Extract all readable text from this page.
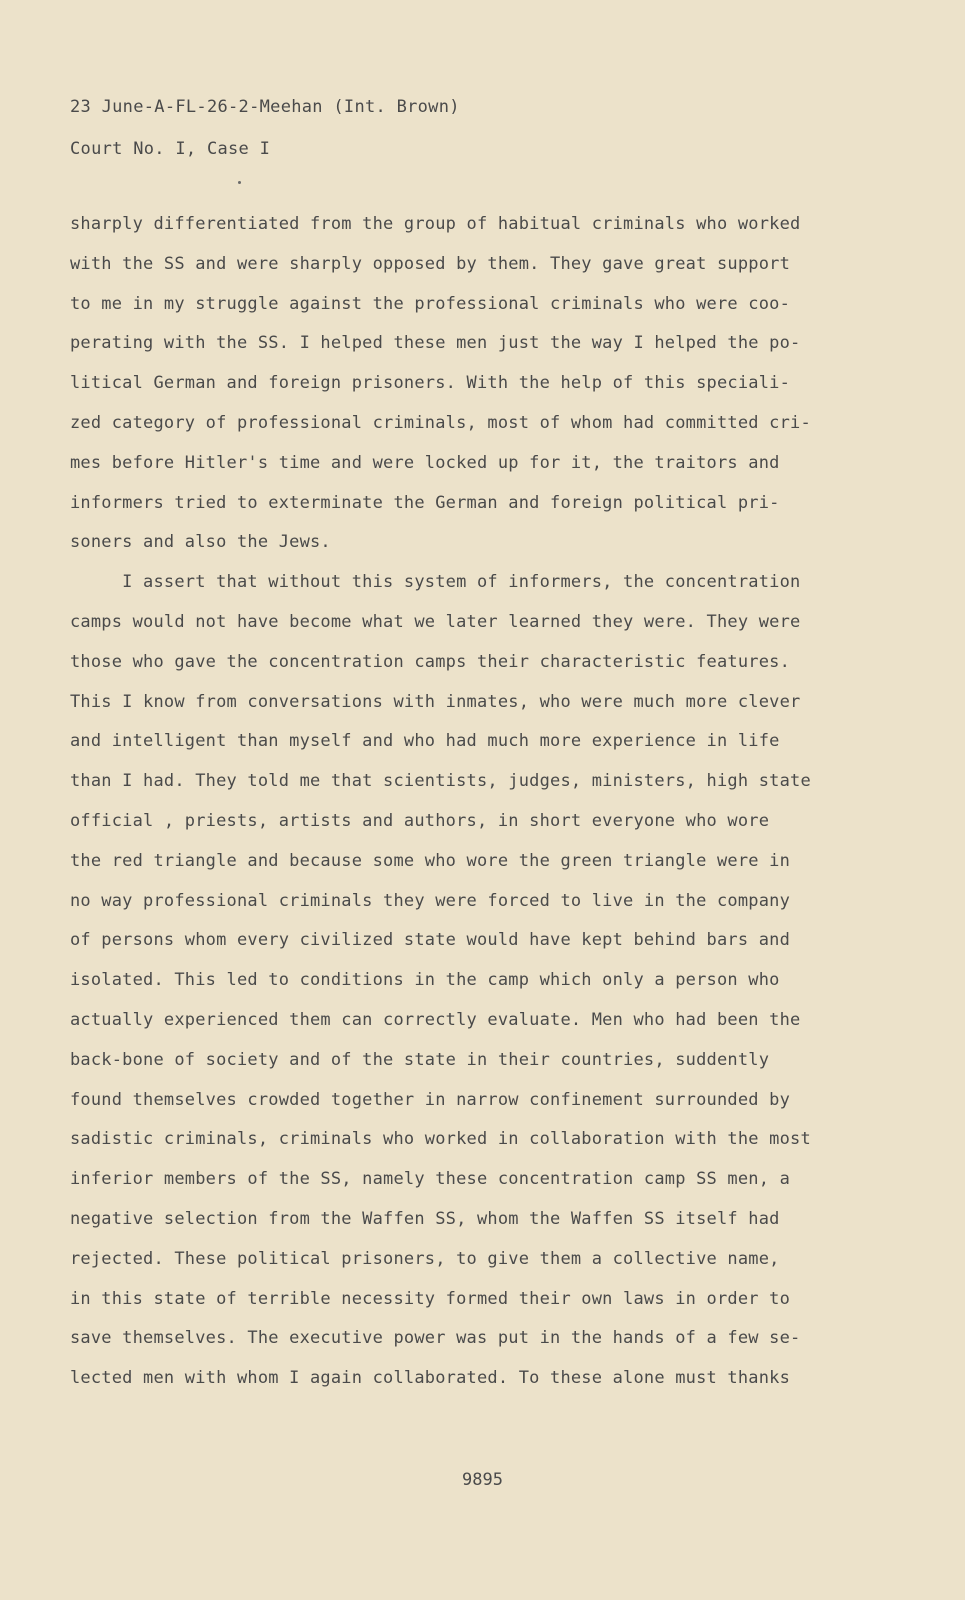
23 June-A-FL-26-2-Meehan (Int. Brown)
Court No. I, Case I
sharply differentiated from the group of habitual criminals who worked
with the SS and were sharply opposed by them. They gave great support
to me in my struggle against the professional criminals who were coo-
perating with the SS. I helped these men just the way I helped the po-
litical German and foreign prisoners. With the help of this speciali-
zed category of professional criminals, most of whom had committed cri-
mes before Hitler's time and were locked up for it, the traitors and
informers tried to exterminate the German and foreign political pri-
soners and also the Jews.
I assert that without this system of informers, the concentration
camps would not have become what we later learned they were. They were
those who gave the concentration camps their characteristic features.
This I know from conversations with inmates, who were much more clever
and intelligent than myself and who had much more experience in life
than I had. They told me that scientists, judges, ministers, high state
official , priests, artists and authors, in short everyone who wore
the red triangle and because some who wore the green triangle were in
no way professional criminals they were forced to live in the company
of persons whom every civilized state would have kept behind bars and
isolated. This led to conditions in the camp which only a person who
actually experienced them can correctly evaluate. Men who had been the
back-bone of society and of the state in their countries, suddently
found themselves crowded together in narrow confinement surrounded by
sadistic criminals, criminals who worked in collaboration with the most
inferior members of the SS, namely these concentration camp SS men, a
negative selection from the Waffen SS, whom the Waffen SS itself had
rejected. These political prisoners, to give them a collective name,
in this state of terrible necessity formed their own laws in order to
save themselves. The executive power was put in the hands of a few se-
lected men with whom I again collaborated. To these alone must thanks
9895
